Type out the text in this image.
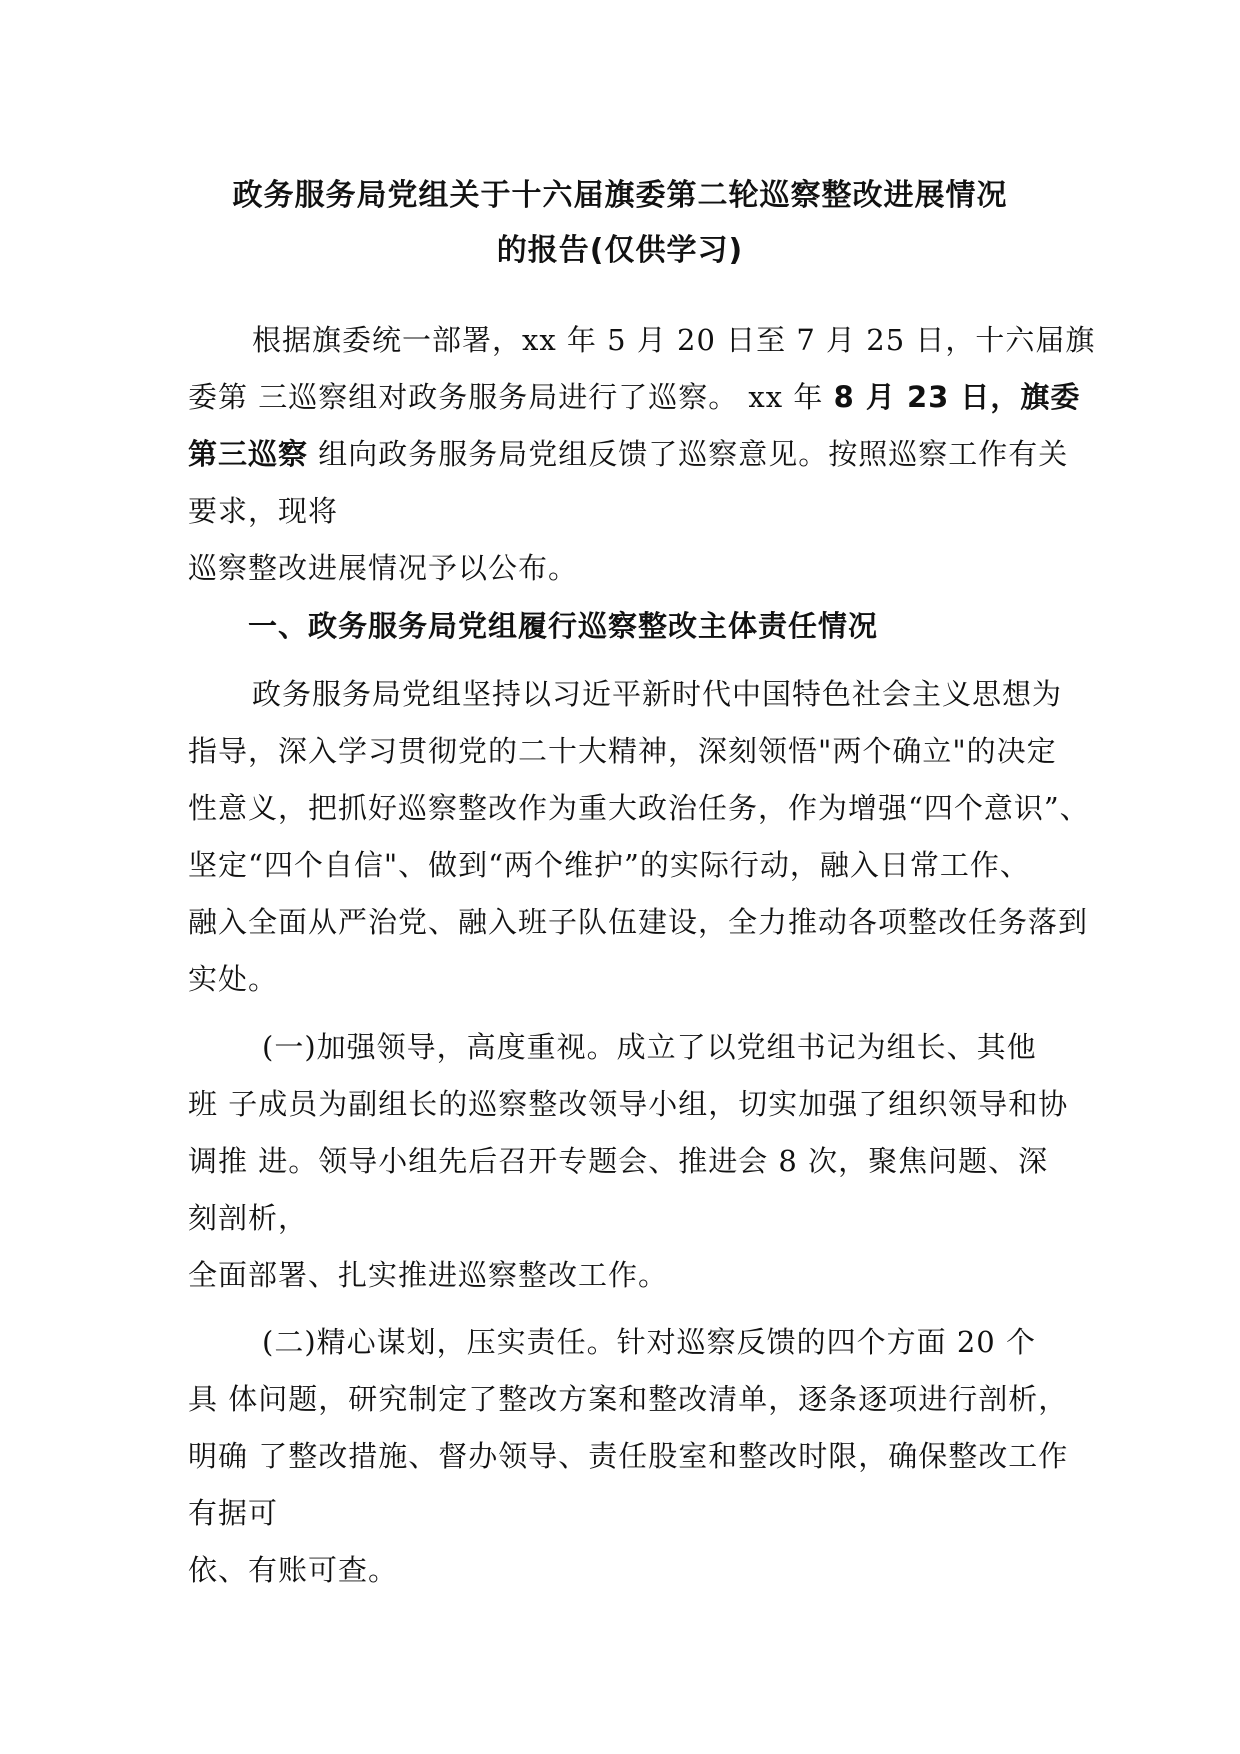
政务服务局党组关于十六届旗委第二轮巡察整改进展情况
的报告(仅供学习)

根据旗委统一部署，xx 年 5 月 20 日至 7 月 25 日，十六届旗

委第 三巡察组对政务服务局进行了巡察。 xx 年 8 月 23 日，旗委

第三巡察 组向政务服务局党组反馈了巡察意见。按照巡察工作有关

要求，现将

巡察整改进展情况予以公布。

一、政务服务局党组履行巡察整改主体责任情况

政务服务局党组坚持以习近平新时代中国特色社会主义思想为

指导，深入学习贯彻党的二十大精神，深刻领悟"两个确立"的决定

性意义，把抓好巡察整改作为重大政治任务，作为增强“四个意识”、

坚定“四个自信"、做到“两个维护”的实际行动，融入日常工作、

融入全面从严治党、融入班子队伍建设，全力推动各项整改任务落到

实处。

(一)加强领导，高度重视。成立了以党组书记为组长、其他

班 子成员为副组长的巡察整改领导小组，切实加强了组织领导和协

调推 进。领导小组先后召开专题会、推进会 8 次，聚焦问题、深

刻剖析，

全面部署、扎实推进巡察整改工作。

(二)精心谋划，压实责任。针对巡察反馈的四个方面 20 个

具 体问题，研究制定了整改方案和整改清单，逐条逐项进行剖析，

明确 了整改措施、督办领导、责任股室和整改时限，确保整改工作

有据可

依、有账可查。
